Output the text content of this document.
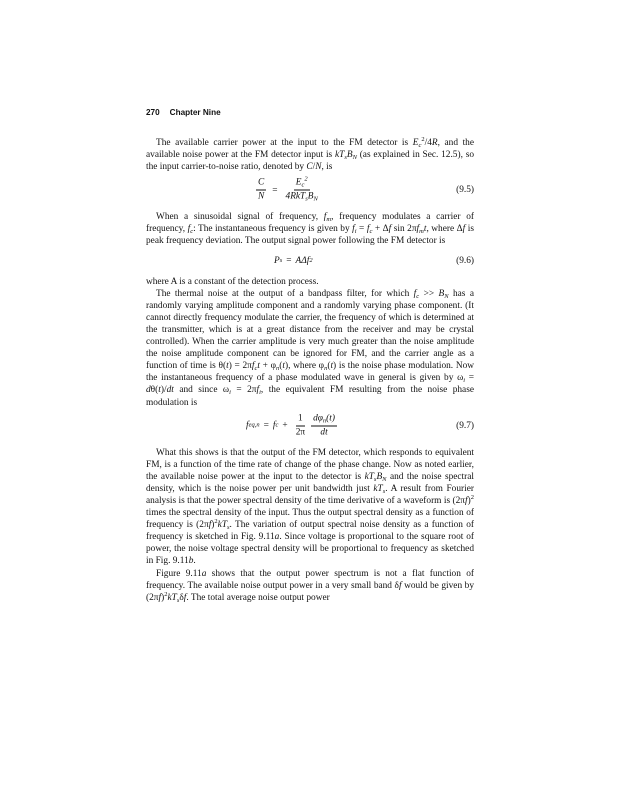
270 Chapter Nine

The available carrier power at the input to the FM detector is $E_c^2/4R$, and the available noise power at the FM detector input is $kT_sB_N$ (as explained in Sec. 12.5), so the input carrier-to-noise ratio, denoted by C/N, is

$\frac{C}{N} = \frac{E_c^2}{4RkT_sB_N}$	(9.5)

When a sinusoidal signal of frequency, $f_m$, frequency modulates a carrier of frequency, $f_c$: The instantaneous frequency is given by $f_i = f_c + \Delta f$ $\sin 2\pi f_mt$, where Δf is peak frequency deviation. The output signal power following the FM detector is

P s = A Δ f 2	(9.6)

where A is a constant of the detection process.

The thermal noise at the output of a bandpass filter, for which $f_c >> B_N$ has a randomly varying amplitude component and a randomly varying phase component. (It cannot directly frequency modulate the carrier, the frequency of which is determined at the transmitter, which is at a great distance from the receiver and may be crystal controlled). When the carrier amplitude is very much greater than the noise amplitude the noise amplitude component can be ignored for FM, and the carrier angle as a function of time is $\theta(t) = 2\pi f_ct + \varphi_n(t)$, where $\varphi_n(t)$ is the noise phase modulation. Now the instantaneous frequency of a phase modulated wave in general is given by $\omega_i = d\theta(t)/dt$ and since $\omega_i = 2\pi f_i$, the equivalent FM resulting from the noise phase modulation is

f eq,n = f $c + \frac{1}{2\pi} \frac{d\varphi_n(t)}{dt}$	(9.7)

What this shows is that the output of the FM detector, which responds to equivalent FM, is a function of the time rate of change of the phase change. Now as noted earlier, the available noise power at the input to the detector is $kT_sB_N$ and the noise spectral density, which is the noise power per unit bandwidth just $kT_s$. A result from Fourier analysis is that the power spectral density of the time derivative of a waveform is $(2\pi f)^2$ times the spectral density of the input. Thus the output spectral density as a function of frequency is $(2\pi f)^2kT_s$. The variation of output spectral noise density as a function of frequency is sketched in Fig. 9.11a. Since voltage is proportional to the square root of power, the noise voltage spectral density will be proportional to frequency as sketched in Fig. 9.11b.

Figure 9.11a shows that the output power spectrum is not a flat function of frequency. The available noise output power in a very small band δf would be given by $(2\pi f)^2kT_s\delta f$. The total average noise output power
